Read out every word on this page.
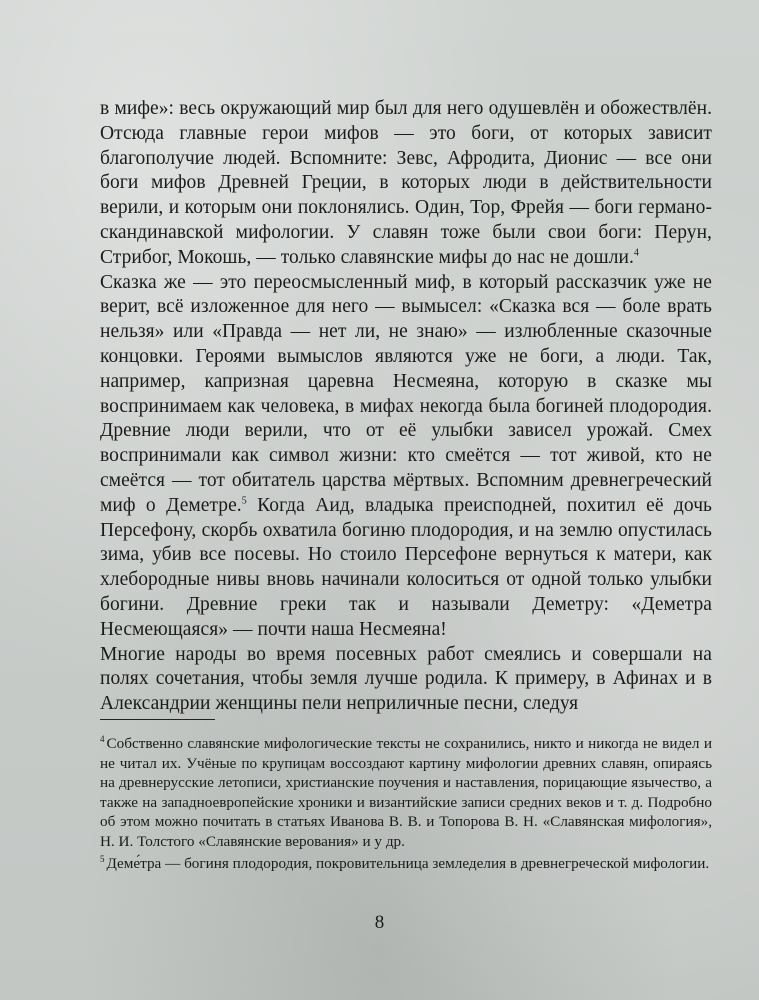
в мифе»: весь окружающий мир был для него одушевлён и обожествлён. Отсюда главные герои мифов — это боги, от которых зависит благополучие людей. Вспомните: Зевс, Афродита, Дионис — все они боги мифов Древней Греции, в которых люди в действительности верили, и которым они поклонялись. Один, Тор, Фрейя — боги германо-скандинавской мифологии. У славян тоже были свои боги: Перун, Стрибог, Мокошь, — только славянские мифы до нас не дошли.$^4$
Сказка же — это переосмысленный миф, в который рассказчик уже не верит, всё изложенное для него — вымысел: «Сказка вся — боле врать нельзя» или «Правда — нет ли, не знаю» — излюбленные сказочные концовки. Героями вымыслов являются уже не боги, а люди. Так, например, капризная царевна Несмеяна, которую в сказке мы воспринимаем как человека, в мифах некогда была богиней плодородия. Древние люди верили, что от её улыбки зависел урожай. Смех воспринимали как символ жизни: кто смеётся — тот живой, кто не смеётся — тот обитатель царства мёртвых. Вспомним древнегреческий миф о Деметре.$^5$ Когда Аид, владыка преисподней, похитил её дочь Персефону, скорбь охватила богиню плодородия, и на землю опустилась зима, убив все посевы. Но стоило Персефоне вернуться к матери, как хлебородные нивы вновь начинали колоситься от одной только улыбки богини. Древние греки так и называли Деметру: «Деметра Несмеющаяся» — почти наша Несмеяна!
Многие народы во время посевных работ смеялись и совершали на полях сочетания, чтобы земля лучше родила. К примеру, в Афинах и в Александрии женщины пели неприличные песни, следуя

$^4$ Собственно славянские мифологические тексты не сохранились, никто и никогда не видел и не читал их. Учёные по крупицам воссоздают картину мифологии древних славян, опираясь на древнерусские летописи, христианские поучения и наставления, порицающие язычество, а также на западноевропейские хроники и византийские записи средних веков и т. д. Подробно об этом можно почитать в статьях Иванова В. В. и Топорова В. Н. «Славянская мифология», Н. И. Толстого «Славянские верования» и у др.

$^5$ Деме́тра — богиня плодородия, покровительница земледелия в древнегреческой мифологии.

8
